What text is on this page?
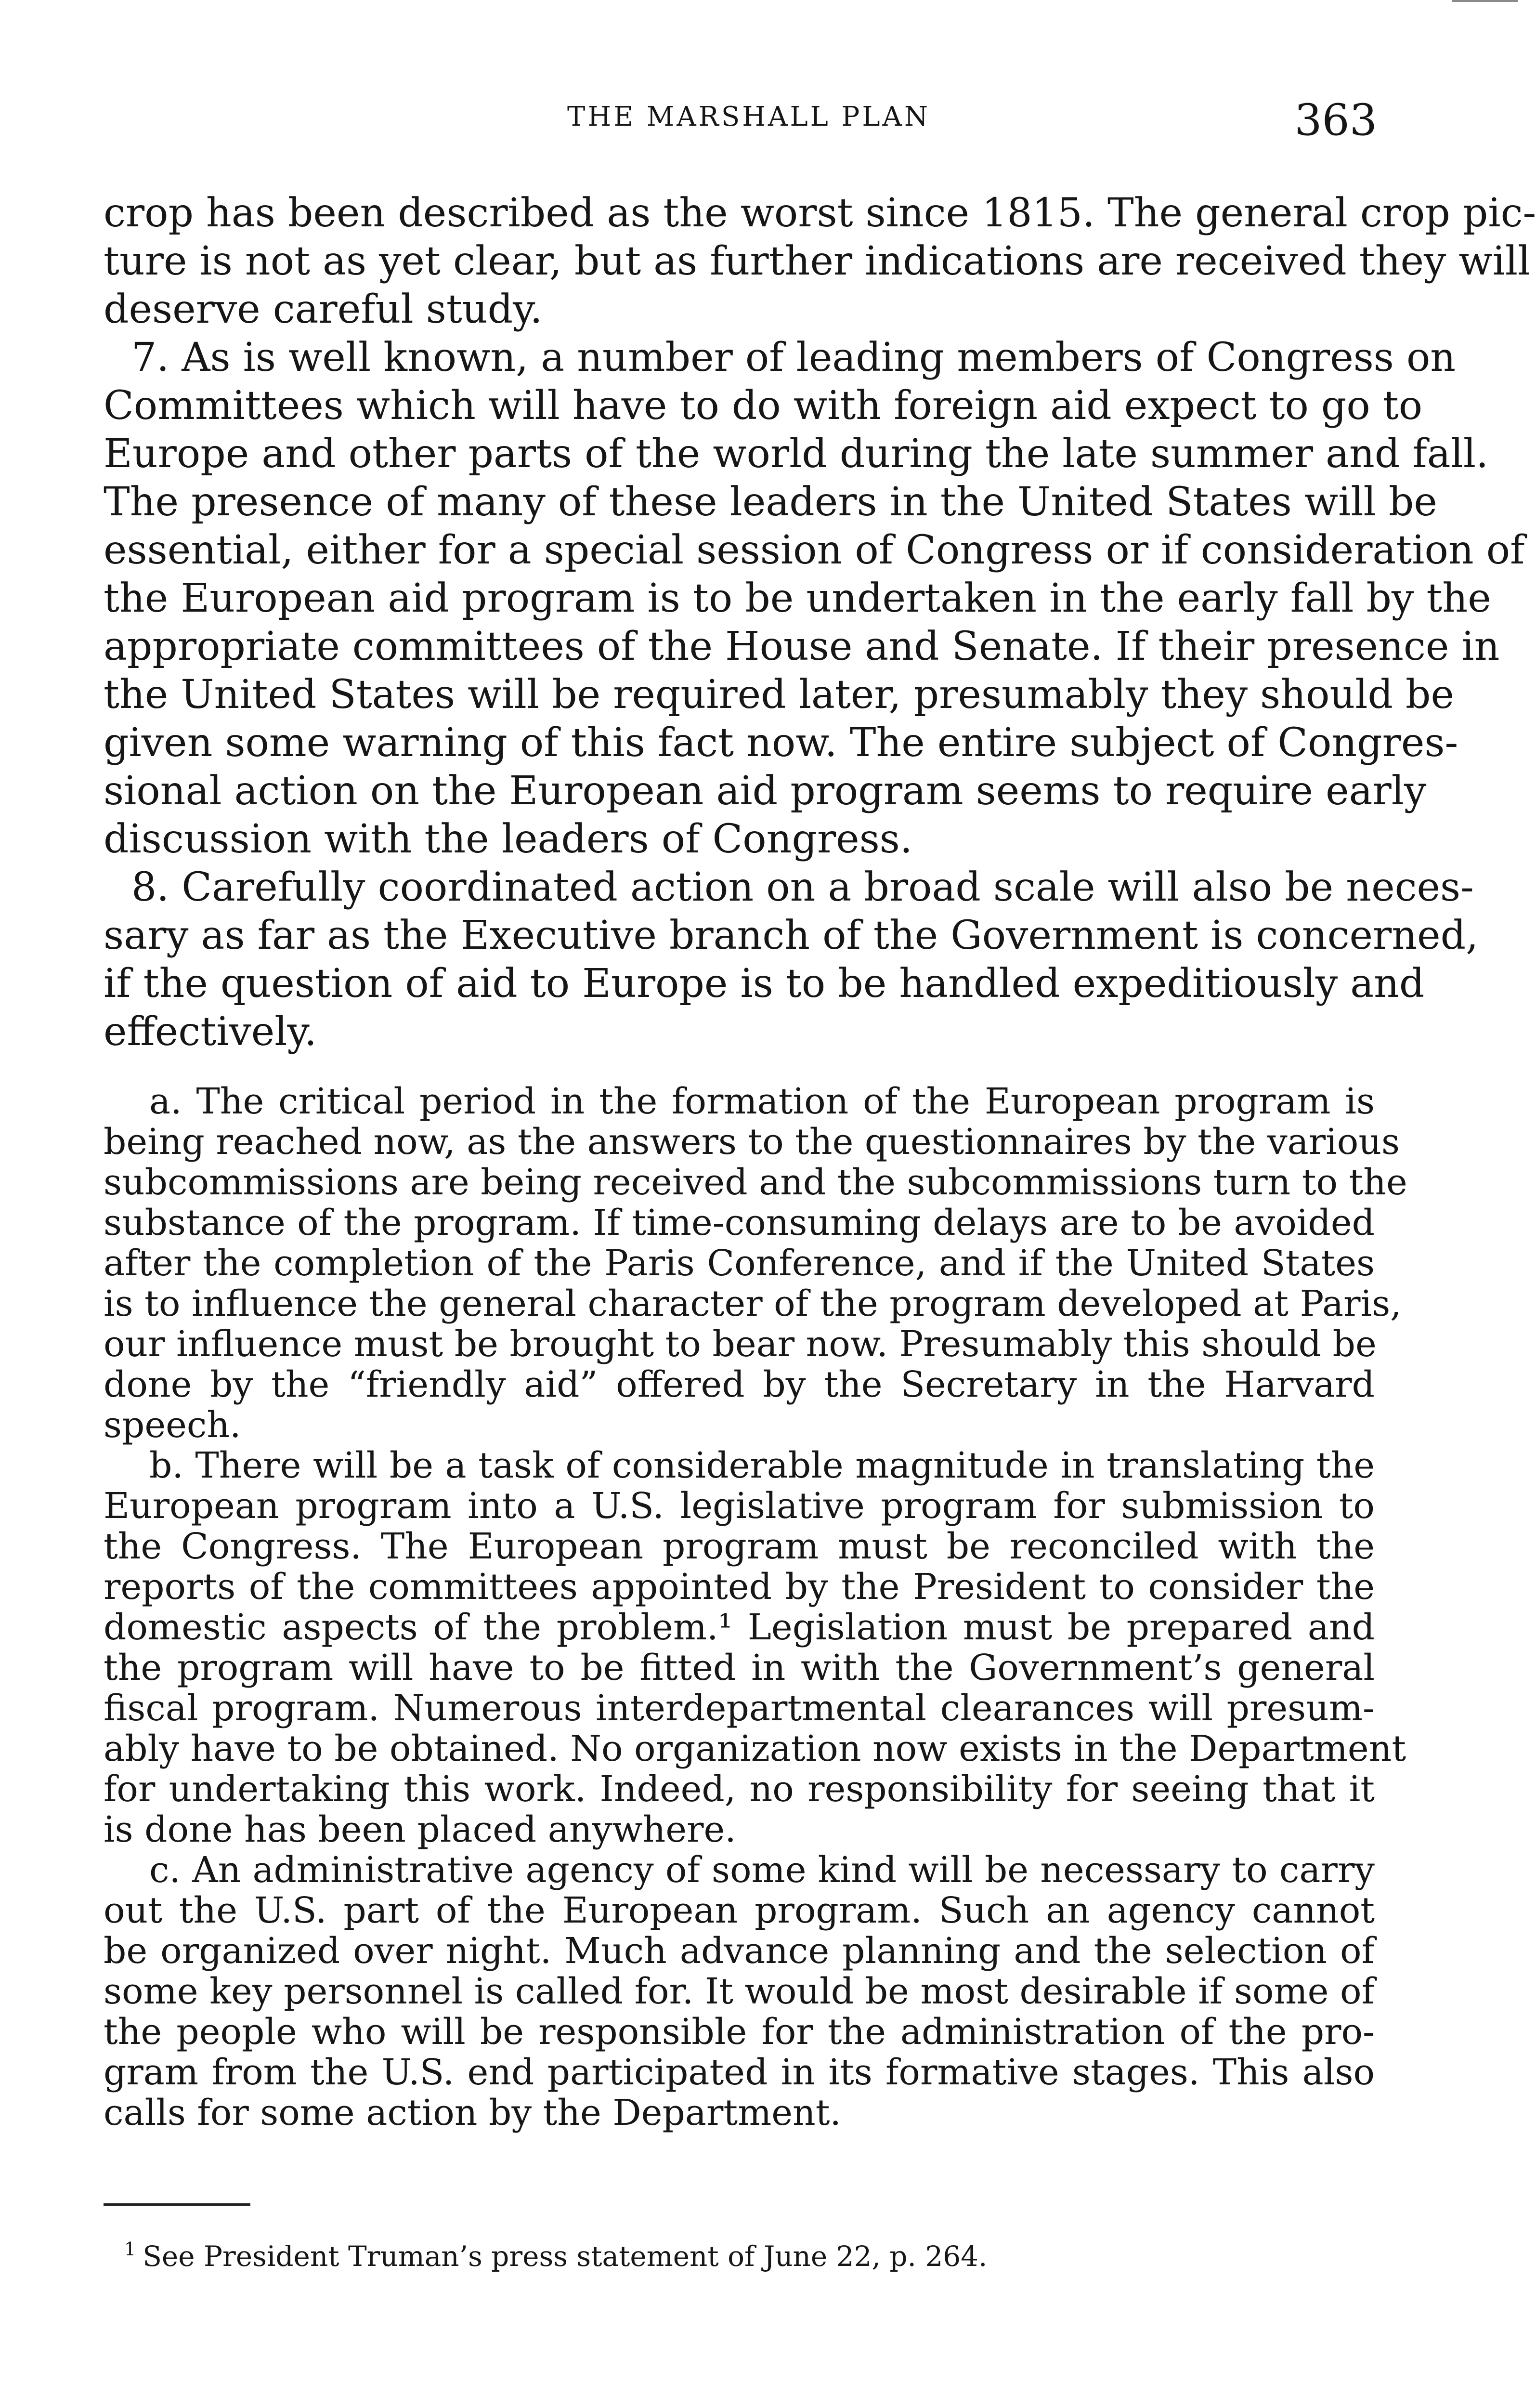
THE MARSHALL PLAN	363
crop has been described as the worst since 1815. The general crop pic-
ture is not as yet clear, but as further indications are received they will
deserve careful study.
7. As is well known, a number of leading members of Congress on
Committees which will have to do with foreign aid expect to go to
Europe and other parts of the world during the late summer and fall.
The presence of many of these leaders in the United States will be
essential, either for a special session of Congress or if consideration of
the European aid program is to be undertaken in the early fall by the
appropriate committees of the House and Senate. If their presence in
the United States will be required later, presumably they should be
given some warning of this fact now. The entire subject of Congres-
sional action on the European aid program seems to require early
discussion with the leaders of Congress.
8. Carefully coordinated action on a broad scale will also be neces-
sary as far as the Executive branch of the Government is concerned,
if the question of aid to Europe is to be handled expeditiously and
effectively.
a. The critical period in the formation of the European program is
being reached now, as the answers to the questionnaires by the various
subcommissions are being received and the subcommissions turn to the
substance of the program. If time-consuming delays are to be avoided
after the completion of the Paris Conference, and if the United States
is to influence the general character of the program developed at Paris,
our influence must be brought to bear now. Presumably this should be
done by the “friendly aid” offered by the Secretary in the Harvard
speech.
b. There will be a task of considerable magnitude in translating the
European program into a U.S. legislative program for submission to
the Congress. The European program must be reconciled with the
reports of the committees appointed by the President to consider the
domestic aspects of the problem.¹ Legislation must be prepared and
the program will have to be fitted in with the Government’s general
fiscal program. Numerous interdepartmental clearances will presum-
ably have to be obtained. No organization now exists in the Department
for undertaking this work. Indeed, no responsibility for seeing that it
is done has been placed anywhere.
c. An administrative agency of some kind will be necessary to carry
out the U.S. part of the European program. Such an agency cannot
be organized over night. Much advance planning and the selection of
some key personnel is called for. It would be most desirable if some of
the people who will be responsible for the administration of the pro-
gram from the U.S. end participated in its formative stages. This also
calls for some action by the Department.
$^1$ See President Truman’s press statement of June 22, p. 264.
